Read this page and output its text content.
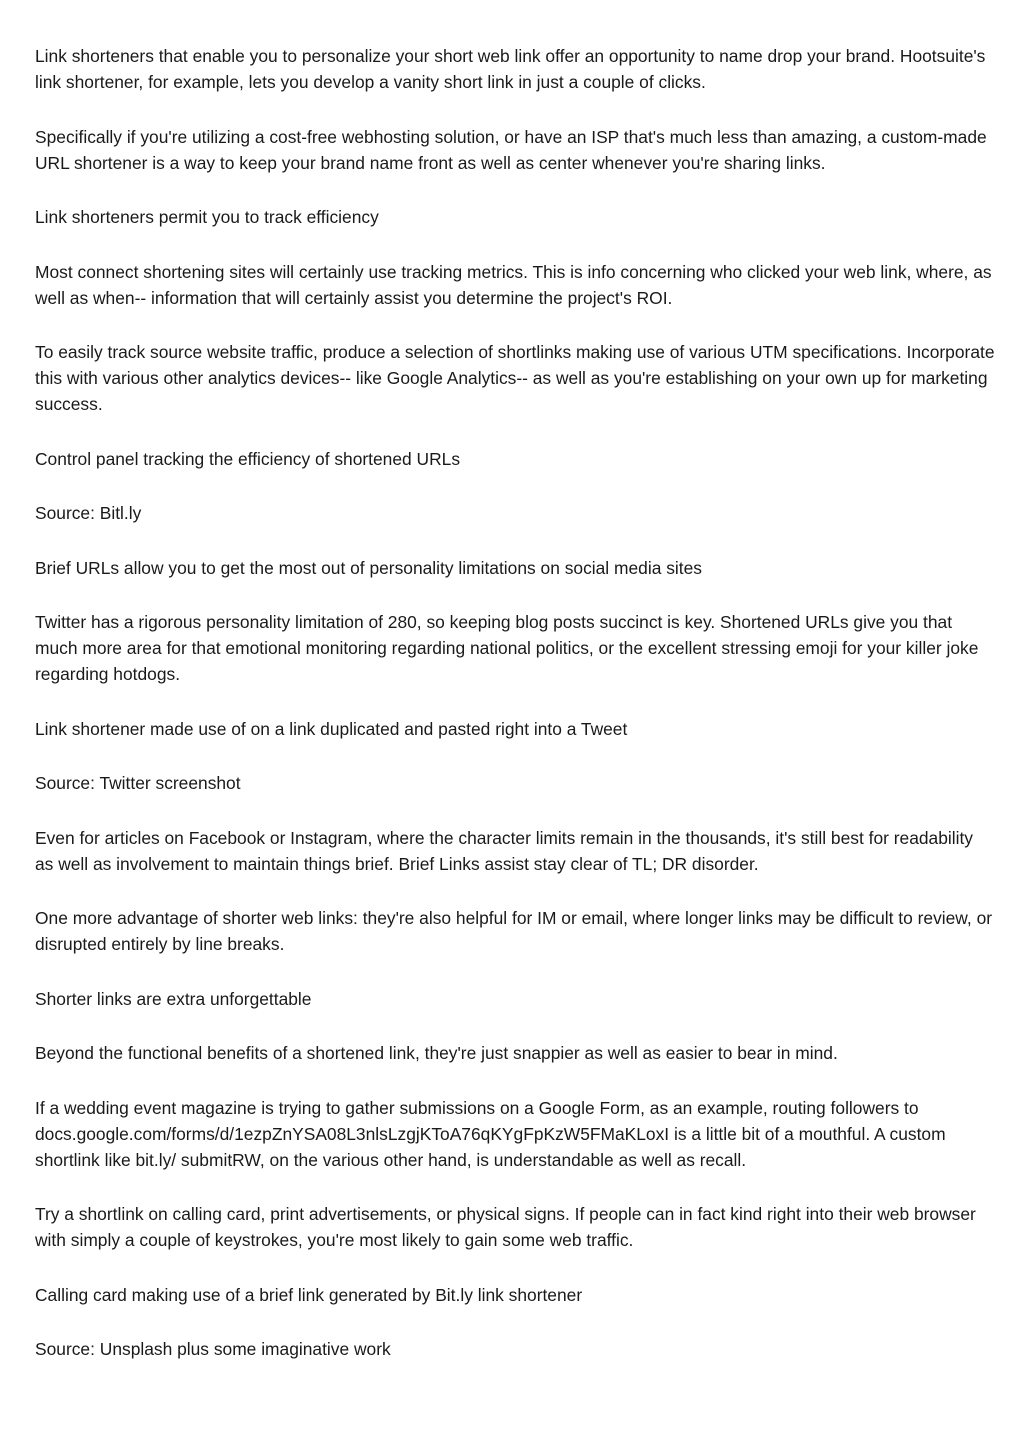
Link shorteners that enable you to personalize your short web link offer an opportunity to name drop your brand. Hootsuite's link shortener, for example, lets you develop a vanity short link in just a couple of clicks.

Specifically if you're utilizing a cost-free webhosting solution, or have an ISP that's much less than amazing, a custom-made URL shortener is a way to keep your brand name front as well as center whenever you're sharing links.

Link shorteners permit you to track efficiency

Most connect shortening sites will certainly use tracking metrics. This is info concerning who clicked your web link, where, as well as when-- information that will certainly assist you determine the project's ROI.

To easily track source website traffic, produce a selection of shortlinks making use of various UTM specifications. Incorporate this with various other analytics devices-- like Google Analytics-- as well as you're establishing on your own up for marketing success.

Control panel tracking the efficiency of shortened URLs

Source: Bitl.ly

Brief URLs allow you to get the most out of personality limitations on social media sites

Twitter has a rigorous personality limitation of 280, so keeping blog posts succinct is key. Shortened URLs give you that much more area for that emotional monitoring regarding national politics, or the excellent stressing emoji for your killer joke regarding hotdogs.

Link shortener made use of on a link duplicated and pasted right into a Tweet

Source: Twitter screenshot

Even for articles on Facebook or Instagram, where the character limits remain in the thousands, it's still best for readability as well as involvement to maintain things brief. Brief Links assist stay clear of TL; DR disorder.

One more advantage of shorter web links: they're also helpful for IM or email, where longer links may be difficult to review, or disrupted entirely by line breaks.

Shorter links are extra unforgettable

Beyond the functional benefits of a shortened link, they're just snappier as well as easier to bear in mind.

If a wedding event magazine is trying to gather submissions on a Google Form, as an example, routing followers to docs.google.com/forms/d/1ezpZnYSA08L3nlsLzgjKToA76qKYgFpKzW5FMaKLoxI is a little bit of a mouthful. A custom shortlink like bit.ly/ submitRW, on the various other hand, is understandable as well as recall.

Try a shortlink on calling card, print advertisements, or physical signs. If people can in fact kind right into their web browser with simply a couple of keystrokes, you're most likely to gain some web traffic.

Calling card making use of a brief link generated by Bit.ly link shortener

Source: Unsplash plus some imaginative work
